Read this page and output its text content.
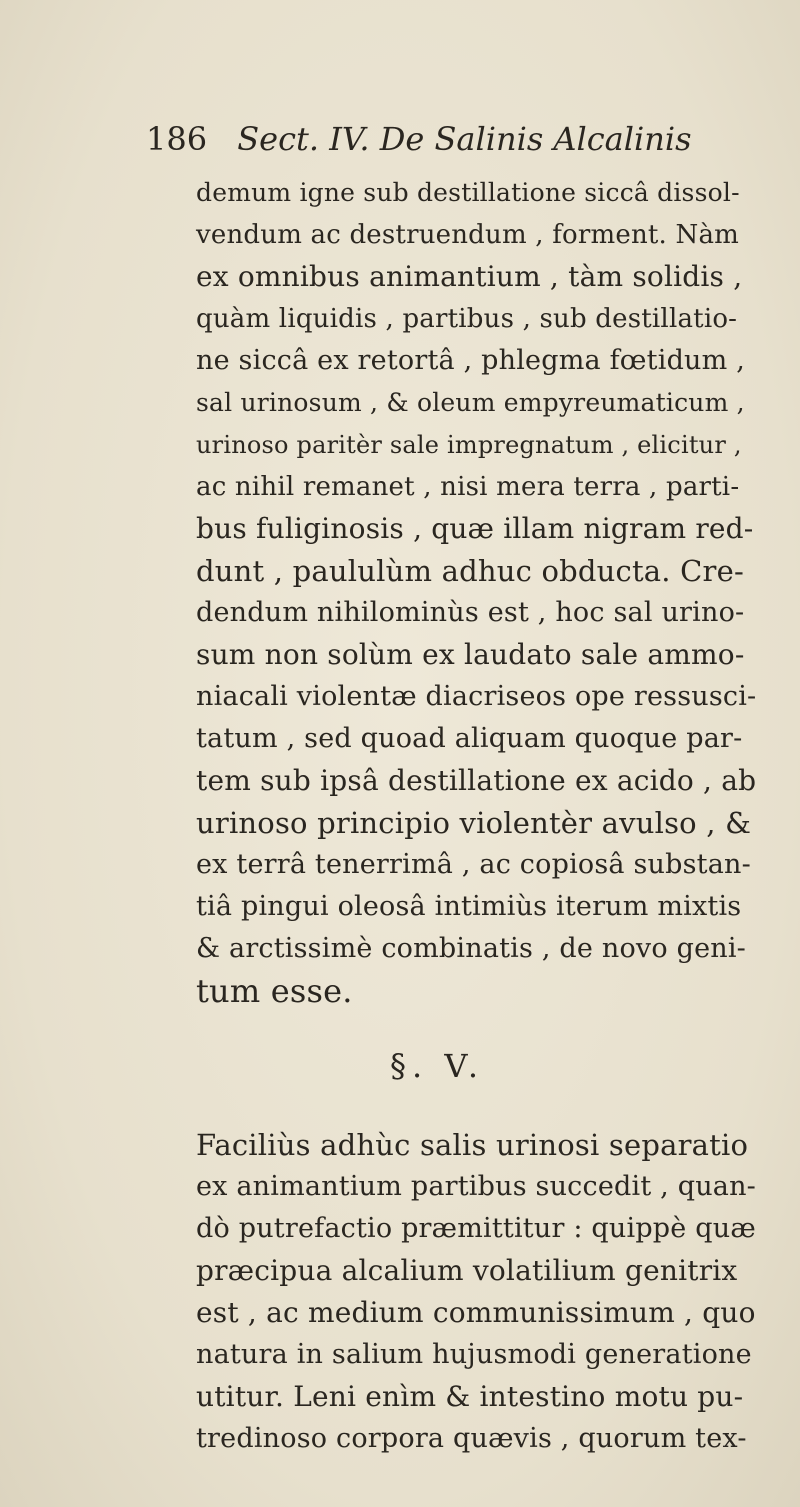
186 Sect. IV. De Salinis Alcalinis
demum igne sub destillatione siccâ dissol-
vendum ac destruendum , forment. Nàm
ex omnibus animantium , tàm solidis ,
quàm liquidis , partibus , sub destillatio-
ne siccâ ex retortâ , phlegma fœtidum ,
sal urinosum , & oleum empyreumaticum ,
urinoso paritèr sale impregnatum , elicitur ,
ac nihil remanet , nisi mera terra , parti-
bus fuliginosis , quæ illam nigram red-
dunt , paululùm adhuc obducta. Cre-
dendum nihilominùs est , hoc sal urino-
sum non solùm ex laudato sale ammo-
niacali violentæ diacriseos ope ressusci-
tatum , sed quoad aliquam quoque par-
tem sub ipsâ destillatione ex acido , ab
urinoso principio violentèr avulso , &
ex terrâ tenerrimâ , ac copiosâ substan-
tiâ pingui oleosâ intimiùs iterum mixtis
& arctissimè combinatis , de novo geni-
tum esse.
§. V.
Faciliùs adhùc salis urinosi separatio
ex animantium partibus succedit , quan-
dò putrefactio præmittitur : quippè quæ
præcipua alcalium volatilium genitrix
est , ac medium communissimum , quo
natura in salium hujusmodi generatione
utitur. Leni enìm & intestino motu pu-
tredinoso corpora quævis , quorum tex-
